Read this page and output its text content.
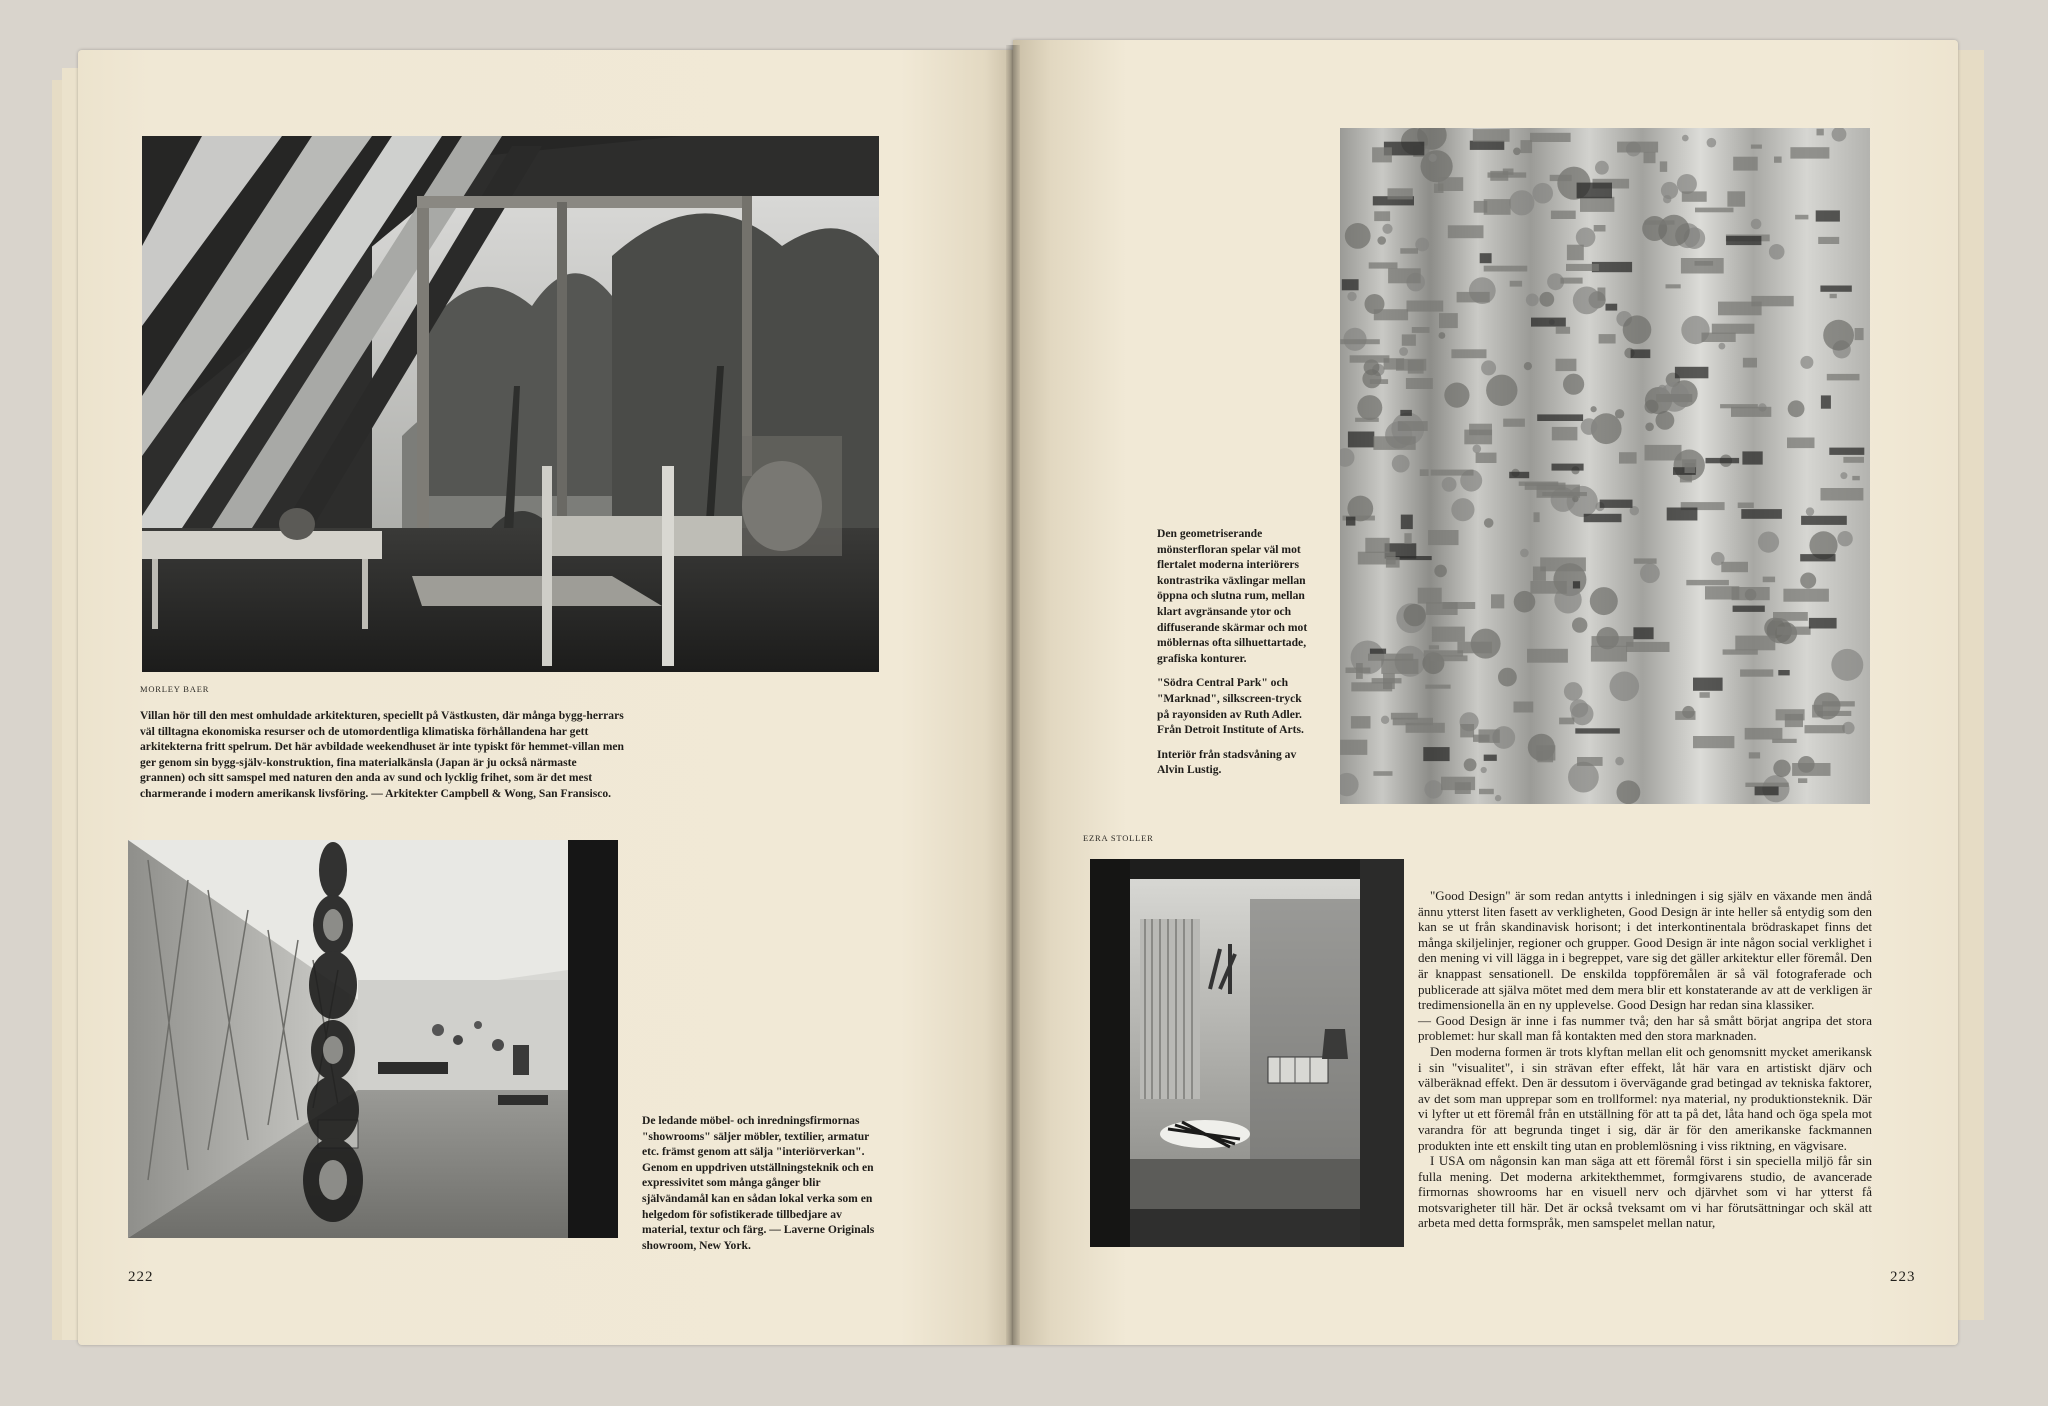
MORLEY BAER
Villan hör till den mest omhuldade arkitekturen, speciellt på Västkusten, där många bygg-herrars väl tilltagna ekonomiska resurser och de utomordentliga klimatiska förhållandena har gett arkitekterna fritt spelrum. Det här avbildade weekendhuset är inte typiskt för hemmet-villan men ger genom sin bygg-själv-konstruktion, fina materialkänsla (Japan är ju också närmaste grannen) och sitt samspel med naturen den anda av sund och lycklig frihet, som är det mest charmerande i modern amerikansk livsföring. — Arkitekter Campbell & Wong, San Fransisco.
De ledande möbel- och inredningsfirmornas "showrooms" säljer möbler, textilier, armatur etc. främst genom att sälja "interiörverkan". Genom en uppdriven utställningsteknik och en expressivitet som många gånger blir självändamål kan en sådan lokal verka som en helgedom för sofistikerade tillbedjare av material, textur och färg. — Laverne Originals showroom, New York.
222

Den geometriserande mönsterfloran spelar väl mot flertalet moderna interiörers kontrastrika växlingar mellan öppna och slutna rum, mellan klart avgränsande ytor och diffuserande skärmar och mot möblernas ofta silhuettartade, grafiska konturer.

"Södra Central Park" och "Marknad", silkscreen-tryck på rayonsiden av Ruth Adler. Från Detroit Institute of Arts.

Interiör från stadsvåning av Alvin Lustig.

EZRA STOLLER

"Good Design" är som redan antytts i inledningen i sig själv en växande men ändå ännu ytterst liten fasett av verkligheten, Good Design är inte heller så entydig som den kan se ut från skandinavisk horisont; i det interkontinentala brödraskapet finns det många skiljelinjer, regioner och grupper. Good Design är inte någon social verklighet i den mening vi vill lägga in i begreppet, vare sig det gäller arkitektur eller föremål. Den är knappast sensationell. De enskilda toppföremålen är så väl fotograferade och publicerade att själva mötet med dem mera blir ett konstaterande av att de verkligen är tredimensionella än en ny upplevelse. Good Design har redan sina klassiker.

— Good Design är inne i fas nummer två; den har så smått börjat angripa det stora problemet: hur skall man få kontakten med den stora marknaden.

Den moderna formen är trots klyftan mellan elit och genomsnitt mycket amerikansk i sin "visualitet", i sin strävan efter effekt, låt här vara en artistiskt djärv och välberäknad effekt. Den är dessutom i övervägande grad betingad av tekniska faktorer, av det som man upprepar som en trollformel: nya material, ny produktionsteknik. Där vi lyfter ut ett föremål från en utställning för att ta på det, låta hand och öga spela mot varandra för att begrunda tinget i sig, där är för den amerikanske fackmannen produkten inte ett enskilt ting utan en problemlösning i viss riktning, en vägvisare.

I USA om någonsin kan man säga att ett föremål först i sin speciella miljö får sin fulla mening. Det moderna arkitekthemmet, formgivarens studio, de avancerade firmornas showrooms har en visuell nerv och djärvhet som vi har ytterst få motsvarigheter till här. Det är också tveksamt om vi har förutsättningar och skäl att arbeta med detta formspråk, men samspelet mellan natur,

223
